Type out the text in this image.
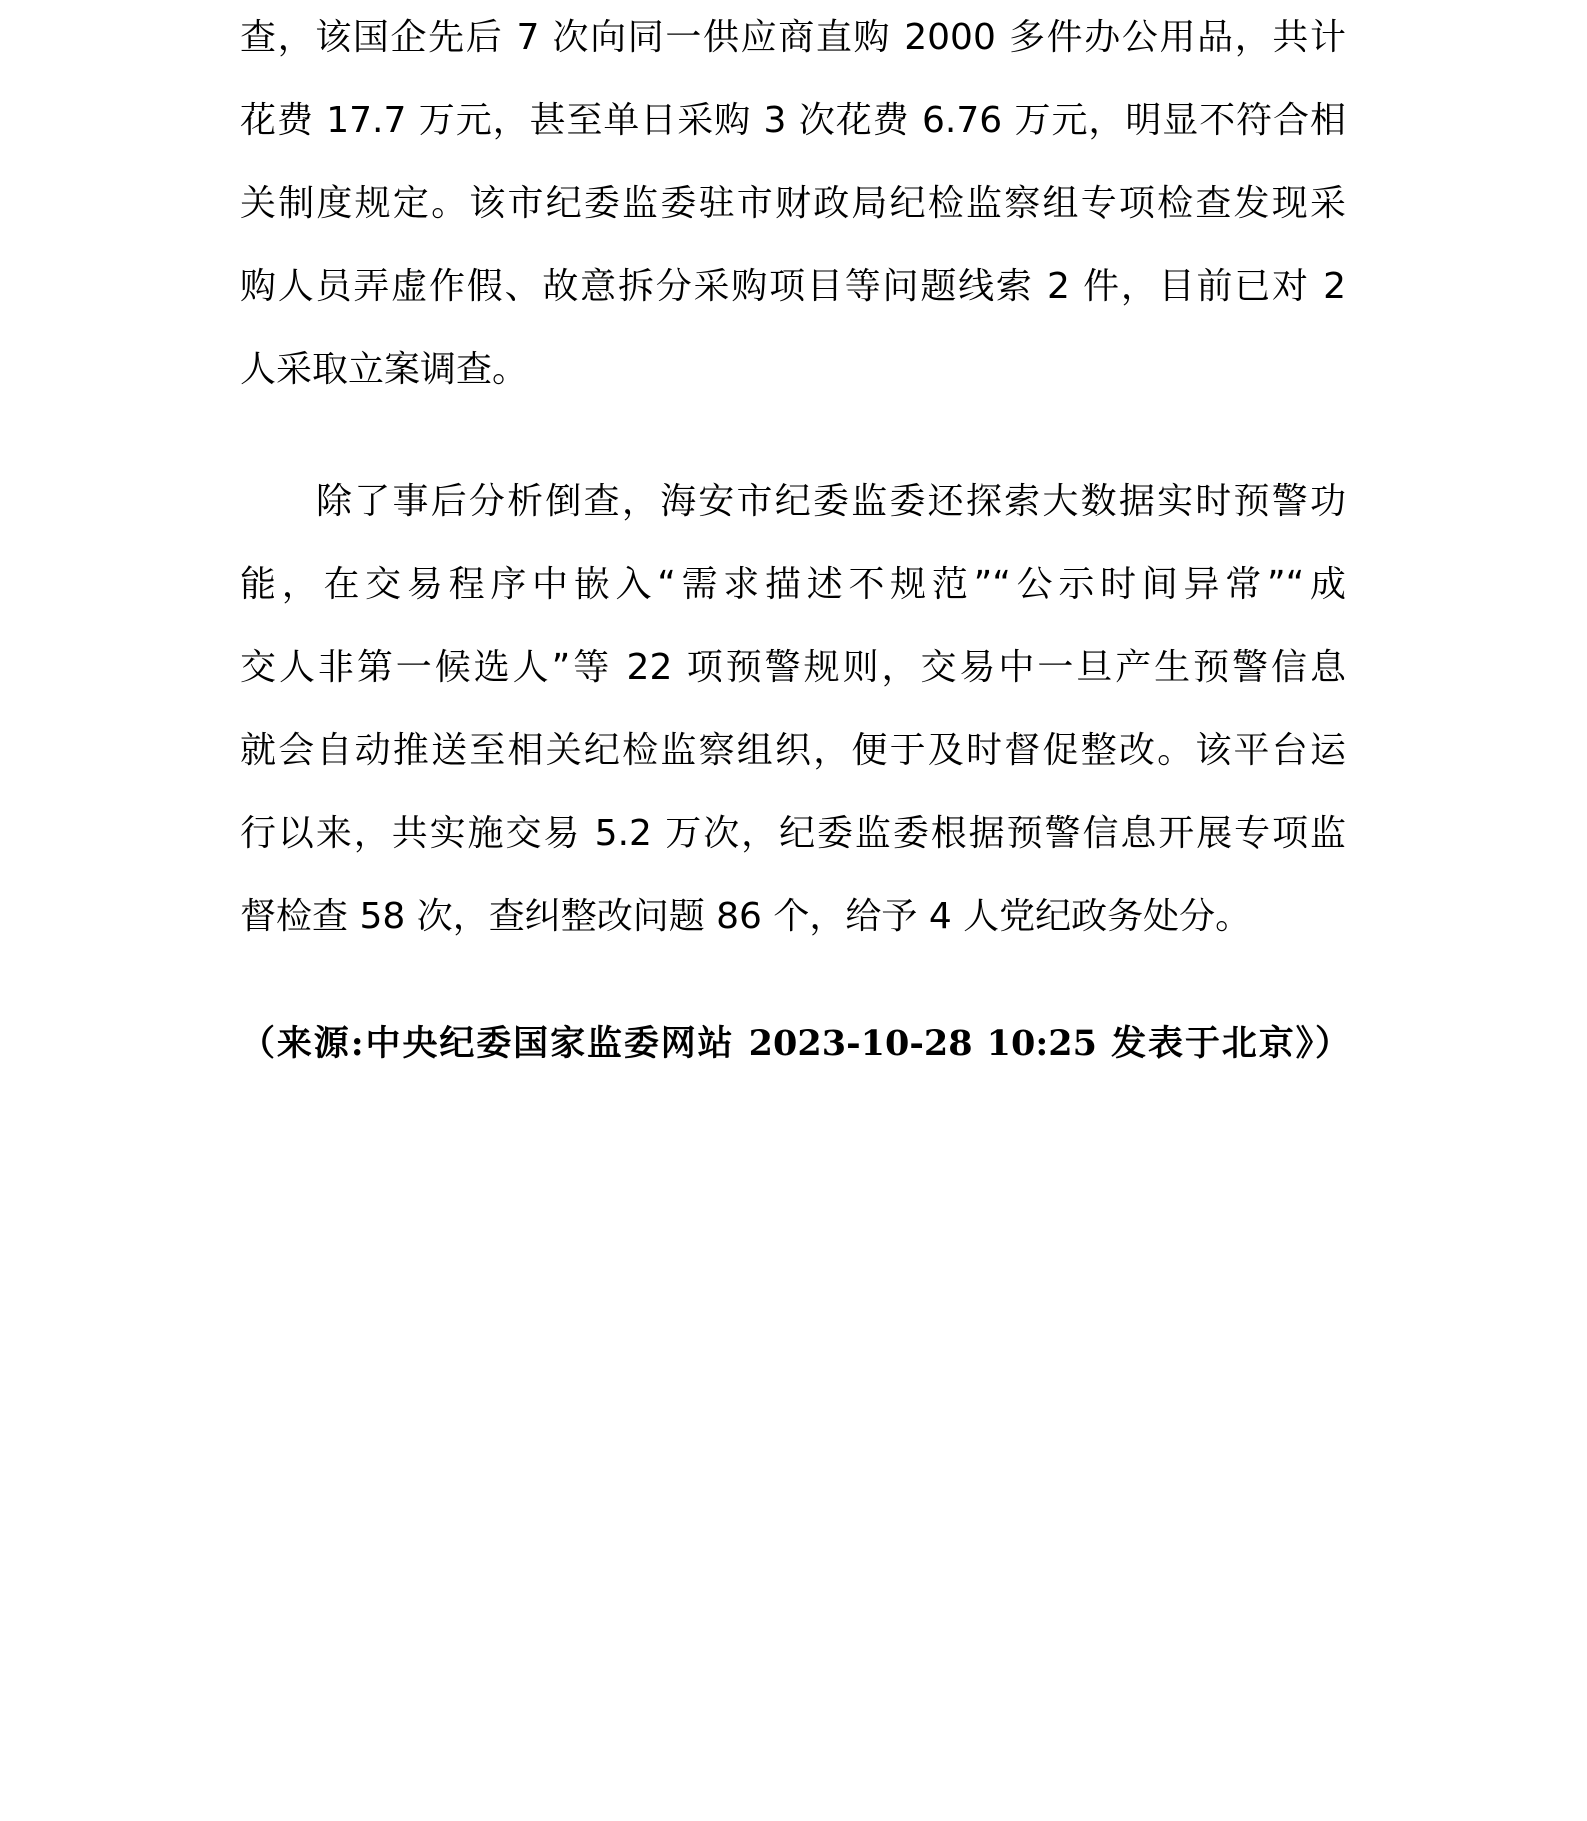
查，该国企先后 7 次向同一供应商直购 2000 多件办公用品，共计
花费 17.7 万元，甚至单日采购 3 次花费 6.76 万元，明显不符合相
关制度规定。该市纪委监委驻市财政局纪检监察组专项检查发现采
购人员弄虚作假、故意拆分采购项目等问题线索 2 件，目前已对 2
人采取立案调查。
除了事后分析倒查，海安市纪委监委还探索大数据实时预警功
能，在交易程序中嵌入“需求描述不规范”“公示时间异常”“成
交人非第一候选人”等 22 项预警规则，交易中一旦产生预警信息
就会自动推送至相关纪检监察组织，便于及时督促整改。该平台运
行以来，共实施交易 5.2 万次，纪委监委根据预警信息开展专项监
督检查 58 次，查纠整改问题 86 个，给予 4 人党纪政务处分。
（来源:中央纪委国家监委网站 2023-10-28 10:25 发表于北京》）
